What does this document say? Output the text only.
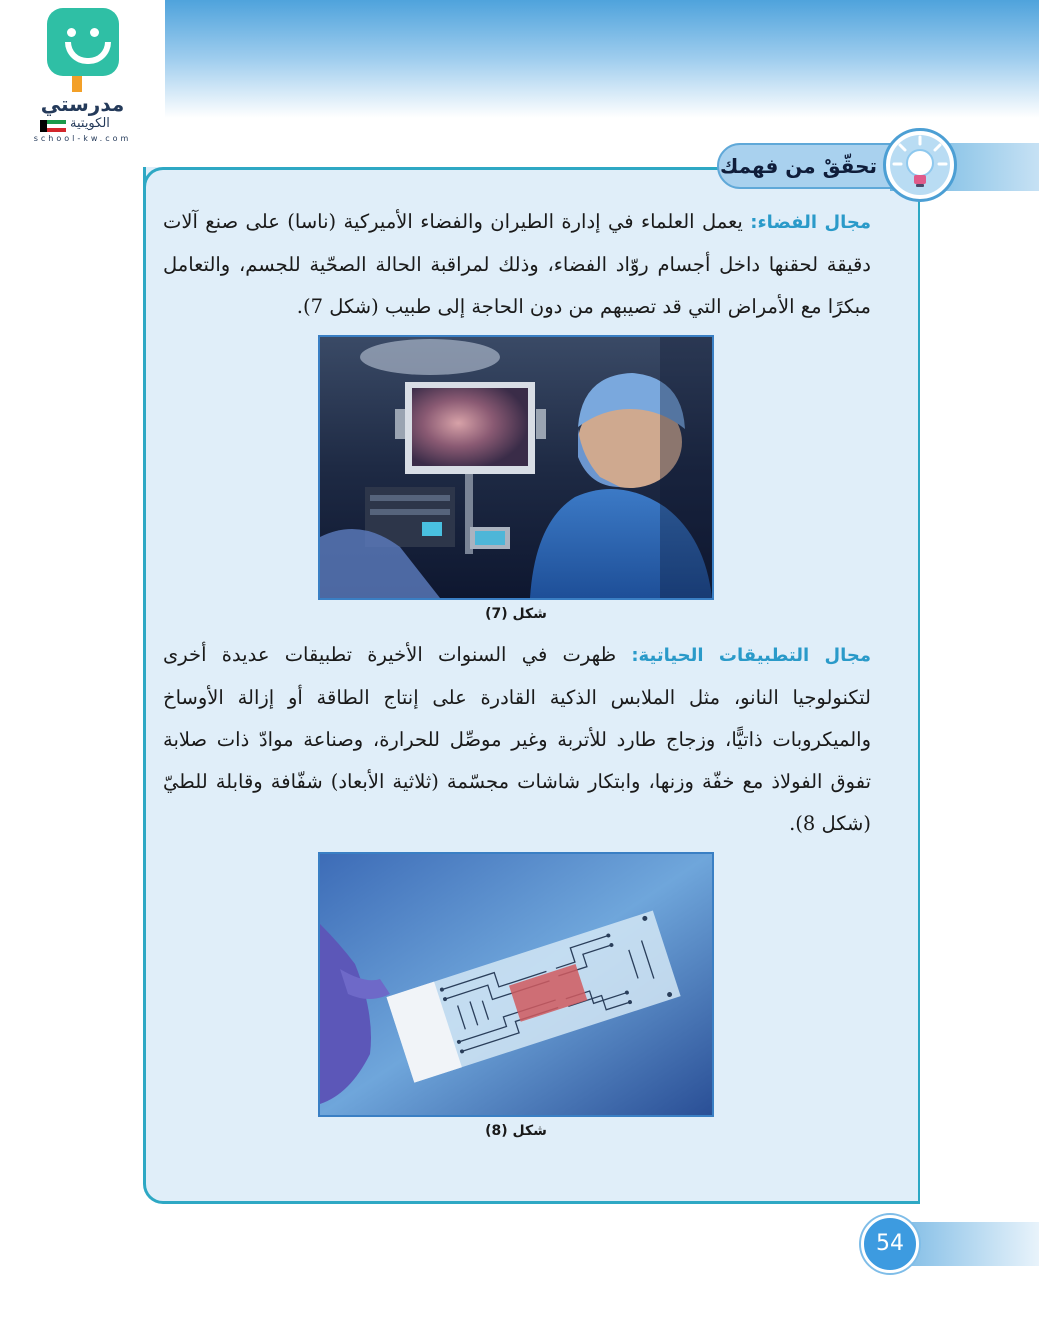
مدرستي
الكويتية
school-kw.com
تحقّقْ من فهمك
مجال الفضاء: يعمل العلماء في إدارة الطيران والفضاء الأميركية (ناسا) على صنع آلات دقيقة لحقنها داخل أجسام روّاد الفضاء، وذلك لمراقبة الحالة الصحّية للجسم، والتعامل مبكرًا مع الأمراض التي قد تصيبهم من دون الحاجة إلى طبيب (شكل 7).
شكل (7)
مجال التطبيقات الحياتية: ظهرت في السنوات الأخيرة تطبيقات عديدة أخرى لتكنولوجيا النانو، مثل الملابس الذكية القادرة على إنتاج الطاقة أو إزالة الأوساخ والميكروبات ذاتيًّا، وزجاج طارد للأتربة وغير موصِّل للحرارة، وصناعة موادّ ذات صلابة تفوق الفولاذ مع خفّة وزنها، وابتكار شاشات مجسّمة (ثلاثية الأبعاد) شفّافة وقابلة للطيّ (شكل 8).
شكل (8)
54
